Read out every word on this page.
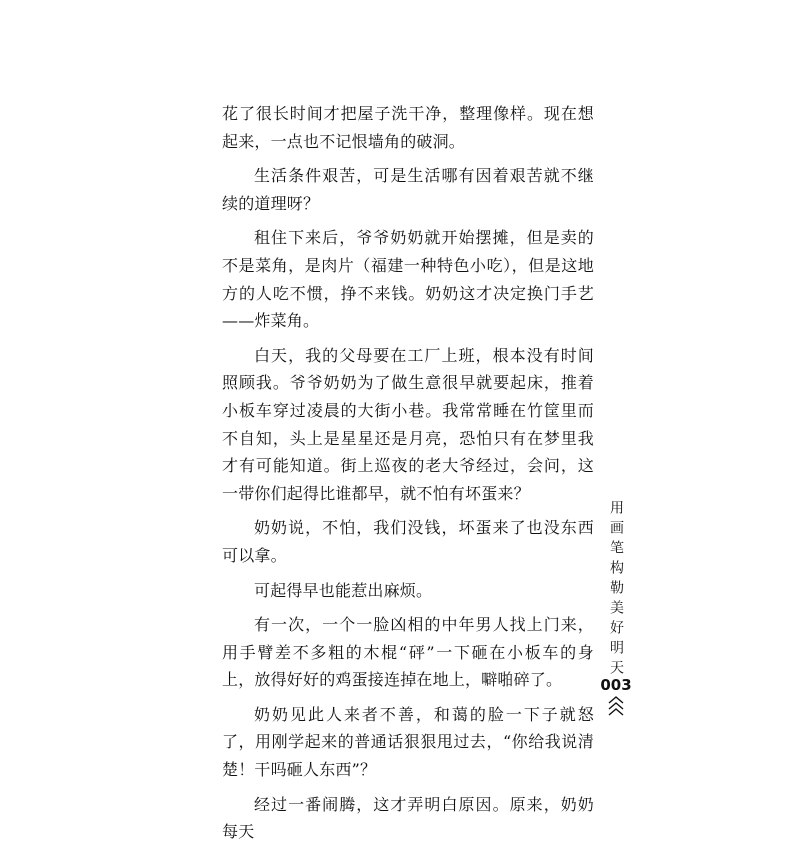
花了很长时间才把屋子洗干净，整理像样。现在想起来，一点也不记恨墙角的破洞。

生活条件艰苦，可是生活哪有因着艰苦就不继续的道理呀？

租住下来后，爷爷奶奶就开始摆摊，但是卖的不是菜角，是肉片（福建一种特色小吃），但是这地方的人吃不惯，挣不来钱。奶奶这才决定换门手艺——炸菜角。

白天，我的父母要在工厂上班，根本没有时间照顾我。爷爷奶奶为了做生意很早就要起床，推着小板车穿过凌晨的大街小巷。我常常睡在竹筐里而不自知，头上是星星还是月亮，恐怕只有在梦里我才有可能知道。街上巡夜的老大爷经过，会问，这一带你们起得比谁都早，就不怕有坏蛋来？

奶奶说，不怕，我们没钱，坏蛋来了也没东西可以拿。

可起得早也能惹出麻烦。

有一次，一个一脸凶相的中年男人找上门来，用手臂差不多粗的木棍“砰”一下砸在小板车的身上，放得好好的鸡蛋接连掉在地上，噼啪碎了。

奶奶见此人来者不善，和蔼的脸一下子就怒了，用刚学起来的普通话狠狠甩过去，“你给我说清楚！干吗砸人东西”？

经过一番闹腾，这才弄明白原因。原来，奶奶每天

用画笔构勒美好明天
003
